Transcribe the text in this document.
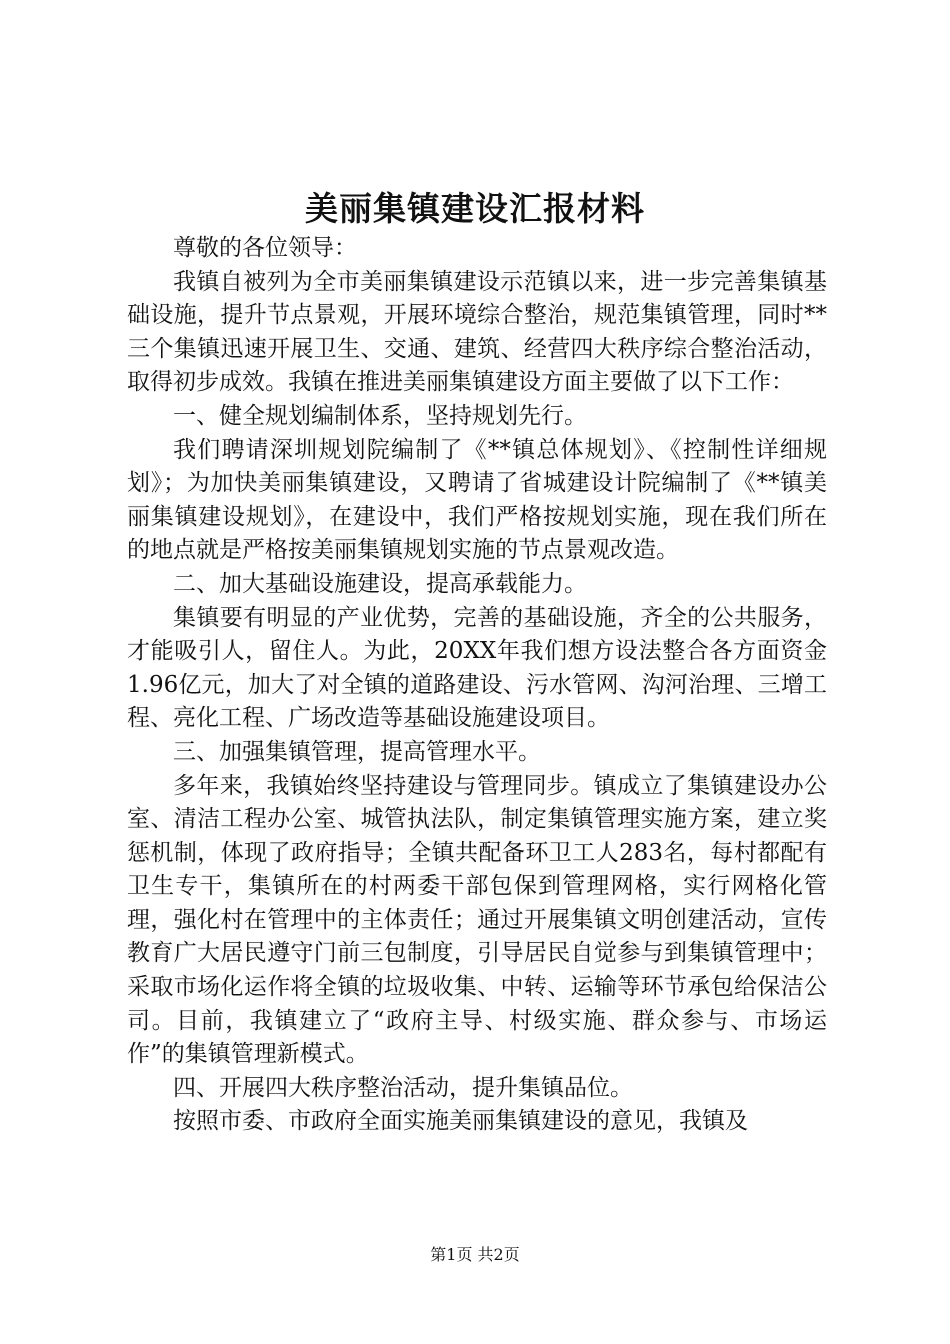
美丽集镇建设汇报材料

尊敬的各位领导：

我镇自被列为全市美丽集镇建设示范镇以来，进一步完善集镇基础设施，提升节点景观，开展环境综合整治，规范集镇管理，同时**三个集镇迅速开展卫生、交通、建筑、经营四大秩序综合整治活动，取得初步成效。我镇在推进美丽集镇建设方面主要做了以下工作：

一、健全规划编制体系，坚持规划先行。

我们聘请深圳规划院编制了《**镇总体规划》、《控制性详细规划》；为加快美丽集镇建设，又聘请了省城建设计院编制了《**镇美丽集镇建设规划》，在建设中，我们严格按规划实施，现在我们所在的地点就是严格按美丽集镇规划实施的节点景观改造。

二、加大基础设施建设，提高承载能力。

集镇要有明显的产业优势，完善的基础设施，齐全的公共服务，才能吸引人，留住人。为此，20XX年我们想方设法整合各方面资金1.96亿元，加大了对全镇的道路建设、污水管网、沟河治理、三增工程、亮化工程、广场改造等基础设施建设项目。

三、加强集镇管理，提高管理水平。

多年来，我镇始终坚持建设与管理同步。镇成立了集镇建设办公室、清洁工程办公室、城管执法队，制定集镇管理实施方案，建立奖惩机制，体现了政府指导；全镇共配备环卫工人283名，每村都配有卫生专干，集镇所在的村两委干部包保到管理网格，实行网格化管理，强化村在管理中的主体责任；通过开展集镇文明创建活动，宣传教育广大居民遵守门前三包制度，引导居民自觉参与到集镇管理中；采取市场化运作将全镇的垃圾收集、中转、运输等环节承包给保洁公司。目前，我镇建立了“政府主导、村级实施、群众参与、市场运作”的集镇管理新模式。

四、开展四大秩序整治活动，提升集镇品位。

按照市委、市政府全面实施美丽集镇建设的意见，我镇及

第1页 共2页
